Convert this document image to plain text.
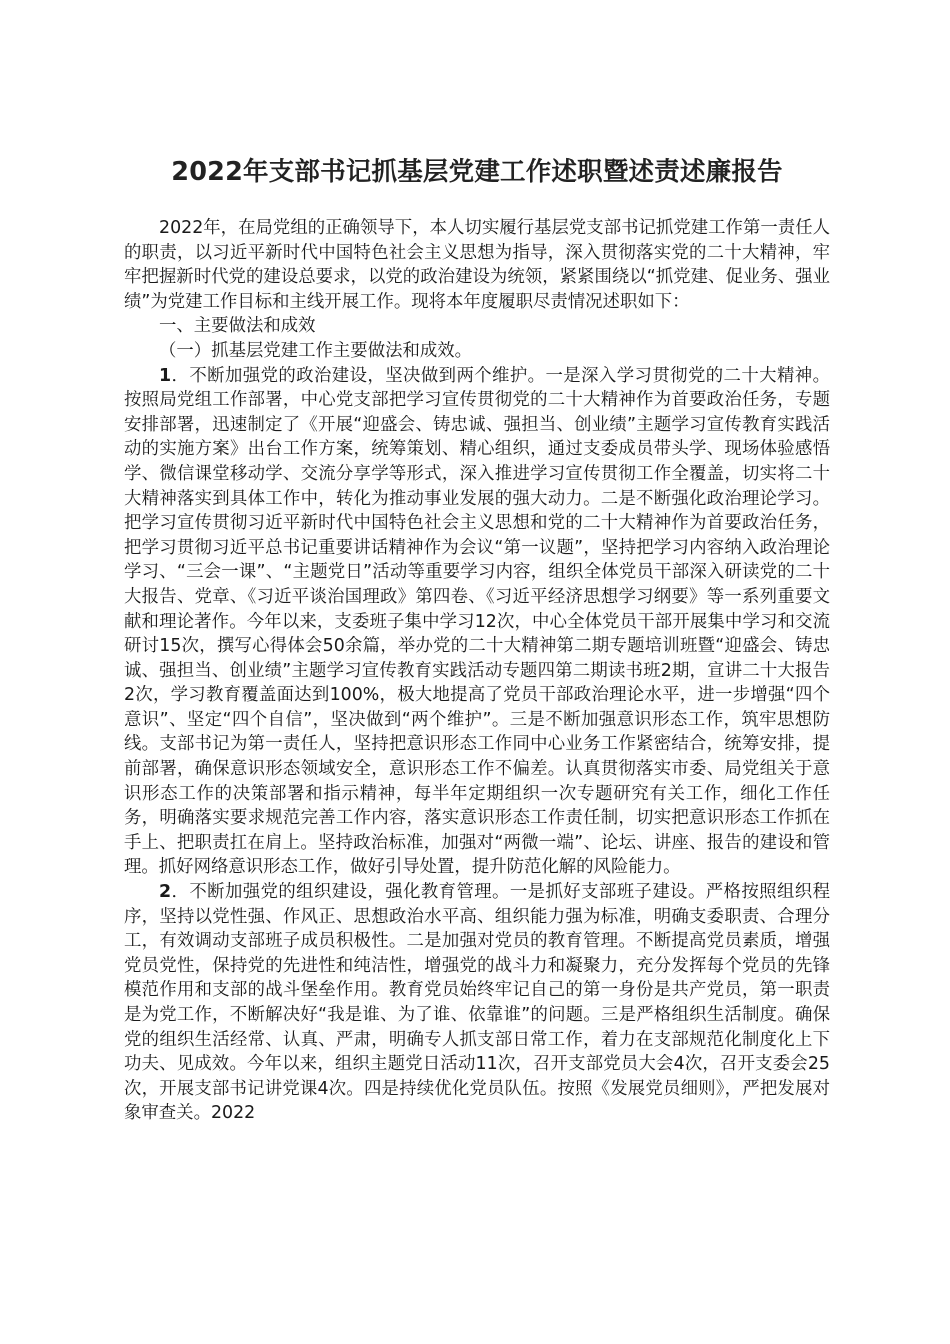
2022年支部书记抓基层党建工作述职暨述责述廉报告

2022年，在局党组的正确领导下，本人切实履行基层党支部书记抓党建工作第一责任人的职责，以习近平新时代中国特色社会主义思想为指导，深入贯彻落实党的二十大精神，牢牢把握新时代党的建设总要求，以党的政治建设为统领，紧紧围绕以“抓党建、促业务、强业绩”为党建工作目标和主线开展工作。现将本年度履职尽责情况述职如下：

一、主要做法和成效

（一）抓基层党建工作主要做法和成效。

1．不断加强党的政治建设，坚决做到两个维护。一是深入学习贯彻党的二十大精神。按照局党组工作部署，中心党支部把学习宣传贯彻党的二十大精神作为首要政治任务，专题安排部署，迅速制定了《开展“迎盛会、铸忠诚、强担当、创业绩”主题学习宣传教育实践活动的实施方案》出台工作方案，统筹策划、精心组织，通过支委成员带头学、现场体验感悟学、微信课堂移动学、交流分享学等形式，深入推进学习宣传贯彻工作全覆盖，切实将二十大精神落实到具体工作中，转化为推动事业发展的强大动力。二是不断强化政治理论学习。把学习宣传贯彻习近平新时代中国特色社会主义思想和党的二十大精神作为首要政治任务，把学习贯彻习近平总书记重要讲话精神作为会议“第一议题”，坚持把学习内容纳入政治理论学习、“三会一课”、“主题党日”活动等重要学习内容，组织全体党员干部深入研读党的二十大报告、党章、《习近平谈治国理政》第四卷、《习近平经济思想学习纲要》等一系列重要文献和理论著作。今年以来，支委班子集中学习12次，中心全体党员干部开展集中学习和交流研讨15次，撰写心得体会50余篇，举办党的二十大精神第二期专题培训班暨“迎盛会、铸忠诚、强担当、创业绩”主题学习宣传教育实践活动专题四第二期读书班2期，宣讲二十大报告2次，学习教育覆盖面达到100%，极大地提高了党员干部政治理论水平，进一步增强“四个意识”、坚定“四个自信”，坚决做到“两个维护”。三是不断加强意识形态工作，筑牢思想防线。支部书记为第一责任人，坚持把意识形态工作同中心业务工作紧密结合，统筹安排，提前部署，确保意识形态领域安全，意识形态工作不偏差。认真贯彻落实市委、局党组关于意识形态工作的决策部署和指示精神，每半年定期组织一次专题研究有关工作，细化工作任务，明确落实要求规范完善工作内容，落实意识形态工作责任制，切实把意识形态工作抓在手上、把职责扛在肩上。坚持政治标准，加强对“两微一端”、论坛、讲座、报告的建设和管理。抓好网络意识形态工作，做好引导处置，提升防范化解的风险能力。

2．不断加强党的组织建设，强化教育管理。一是抓好支部班子建设。严格按照组织程序，坚持以党性强、作风正、思想政治水平高、组织能力强为标准，明确支委职责、合理分工，有效调动支部班子成员积极性。二是加强对党员的教育管理。不断提高党员素质，增强党员党性，保持党的先进性和纯洁性，增强党的战斗力和凝聚力，充分发挥每个党员的先锋模范作用和支部的战斗堡垒作用。教育党员始终牢记自己的第一身份是共产党员，第一职责是为党工作，不断解决好“我是谁、为了谁、依靠谁”的问题。三是严格组织生活制度。确保党的组织生活经常、认真、严肃，明确专人抓支部日常工作，着力在支部规范化制度化上下功夫、见成效。今年以来，组织主题党日活动11次，召开支部党员大会4次，召开支委会25次，开展支部书记讲党课4次。四是持续优化党员队伍。按照《发展党员细则》，严把发展对象审查关。2022
